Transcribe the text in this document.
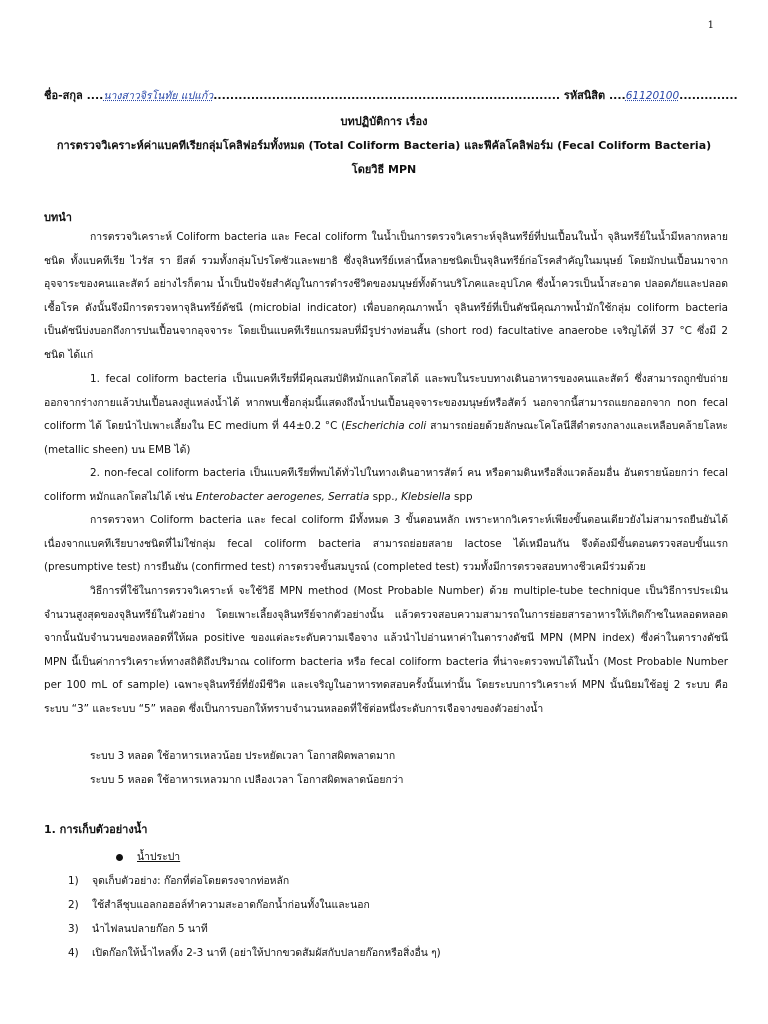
1
ชื่อ-สกุล ....นางสาวจิรโนทัย แปแก้ว................................................................................... รหัสนิสิต ....61120100..............
บทปฏิบัติการ เรื่อง
การตรวจวิเคราะห์ค่าแบคทีเรียกลุ่มโคลิฟอร์มทั้งหมด (Total Coliform Bacteria) และฟีคัลโคลิฟอร์ม (Fecal Coliform Bacteria)
โดยวิธี MPN
บทนำ
การตรวจวิเคราะห์ Coliform bacteria และ Fecal coliform ในน้ำเป็นการตรวจวิเคราะห์จุลินทรีย์ที่ปนเปื้อนในน้ำ จุลินทรีย์ในน้ำมีหลากหลายชนิด ทั้งแบคทีเรีย ไวรัส รา ยีสต์ รวมทั้งกลุ่มโปรโตซัวและพยาธิ ซึ่งจุลินทรีย์เหล่านี้หลายชนิดเป็นจุลินทรีย์ก่อโรคสำคัญในมนุษย์ โดยมักปนเปื้อนมาจากอุจจาระของคนและสัตว์ อย่างไรก็ตาม น้ำเป็นปัจจัยสำคัญในการดำรงชีวิตของมนุษย์ทั้งด้านบริโภคและอุปโภค ซึ่งน้ำควรเป็นน้ำสะอาด ปลอดภัยและปลอดเชื้อโรค ดังนั้นจึงมีการตรวจหาจุลินทรีย์ดัชนี (microbial indicator) เพื่อบอกคุณภาพน้ำ จุลินทรีย์ที่เป็นดัชนีคุณภาพน้ำมักใช้กลุ่ม coliform bacteria เป็นดัชนีบ่งบอกถึงการปนเปื้อนจากอุจจาระ โดยเป็นแบคทีเรียแกรมลบที่มีรูปร่างท่อนสั้น (short rod) facultative anaerobe เจริญได้ที่ 37 °C ซึ่งมี 2 ชนิด ได้แก่
1. fecal coliform bacteria เป็นแบคทีเรียที่มีคุณสมบัติหมักแลกโตสได้ และพบในระบบทางเดินอาหารของคนและสัตว์ ซึ่งสามารถถูกขับถ่ายออกจากร่างกายแล้วปนเปื้อนลงสู่แหล่งน้ำได้ หากพบเชื้อกลุ่มนี้แสดงถึงน้ำปนเปื้อนอุจจาระของมนุษย์หรือสัตว์ นอกจากนี้สามารถแยกออกจาก non fecal coliform ได้ โดยนำไปเพาะเลี้ยงใน EC medium ที่ 44±0.2 °C (Escherichia coli สามารถย่อยด้วยลักษณะโคโลนีสีดำตรงกลางและเหลือบคล้ายโลหะ (metallic sheen) บน EMB ได้)
2. non-fecal coliform bacteria เป็นแบคทีเรียที่พบได้ทั่วไปในทางเดินอาหารสัตว์ คน หรือตามดินหรือสิ่งแวดล้อมอื่น อันตรายน้อยกว่า fecal coliform หมักแลกโตสไม่ได้ เช่น Enterobacter aerogenes, Serratia spp., Klebsiella spp
การตรวจหา Coliform bacteria และ fecal coliform มีทั้งหมด 3 ขั้นตอนหลัก เพราะหากวิเคราะห์เพียงขั้นตอนเดียวยังไม่สามารถยืนยันได้ เนื่องจากแบคทีเรียบางชนิดที่ไม่ใช่กลุ่ม fecal coliform bacteria สามารถย่อยสลาย lactose ได้เหมือนกัน จึงต้องมีขั้นตอนตรวจสอบขั้นแรก (presumptive test) การยืนยัน (confirmed test) การตรวจขั้นสมบูรณ์ (completed test) รวมทั้งมีการตรวจสอบทางชีวเคมีร่วมด้วย
วิธีการที่ใช้ในการตรวจวิเคราะห์ จะใช้วิธี MPN method (Most Probable Number) ด้วย multiple-tube technique เป็นวิธีการประเมินจำนวนสูงสุดของจุลินทรีย์ในตัวอย่าง โดยเพาะเลี้ยงจุลินทรีย์จากตัวอย่างนั้น แล้วตรวจสอบความสามารถในการย่อยสารอาหารให้เกิดก๊าซในหลอดหลอด จากนั้นนับจำนวนของหลอดที่ให้ผล positive ของแต่ละระดับความเจือจาง แล้วนำไปอ่านหาค่าในตารางดัชนี MPN (MPN index) ซึ่งค่าในตารางดัชนี MPN นี้เป็นค่าการวิเคราะห์ทางสถิติถึงปริมาณ coliform bacteria หรือ fecal coliform bacteria ที่น่าจะตรวจพบได้ในน้ำ (Most Probable Number per 100 mL of sample) เฉพาะจุลินทรีย์ที่ยังมีชีวิต และเจริญในอาหารทดสอบครั้งนั้นเท่านั้น โดยระบบการวิเคราะห์ MPN นั้นนิยมใช้อยู่ 2 ระบบ คือ ระบบ “3” และระบบ “5” หลอด ซึ่งเป็นการบอกให้ทราบจำนวนหลอดที่ใช้ต่อหนึ่งระดับการเจือจางของตัวอย่างน้ำ
ระบบ 3 หลอด ใช้อาหารเหลวน้อย ประหยัดเวลา โอกาสผิดพลาดมาก
ระบบ 5 หลอด ใช้อาหารเหลวมาก เปลืองเวลา โอกาสผิดพลาดน้อยกว่า
1. การเก็บตัวอย่างน้ำ
น้ำประปา
1) จุดเก็บตัวอย่าง: ก๊อกที่ต่อโดยตรงจากท่อหลัก
2) ใช้สำลีชุบแอลกอฮอล์ทำความสะอาดก๊อกน้ำก่อนทั้งในและนอก
3) นำไฟลนปลายก๊อก 5 นาที
4) เปิดก๊อกให้น้ำไหลทิ้ง 2-3 นาที (อย่าให้ปากขวดสัมผัสกับปลายก๊อกหรือสิ่งอื่น ๆ)
